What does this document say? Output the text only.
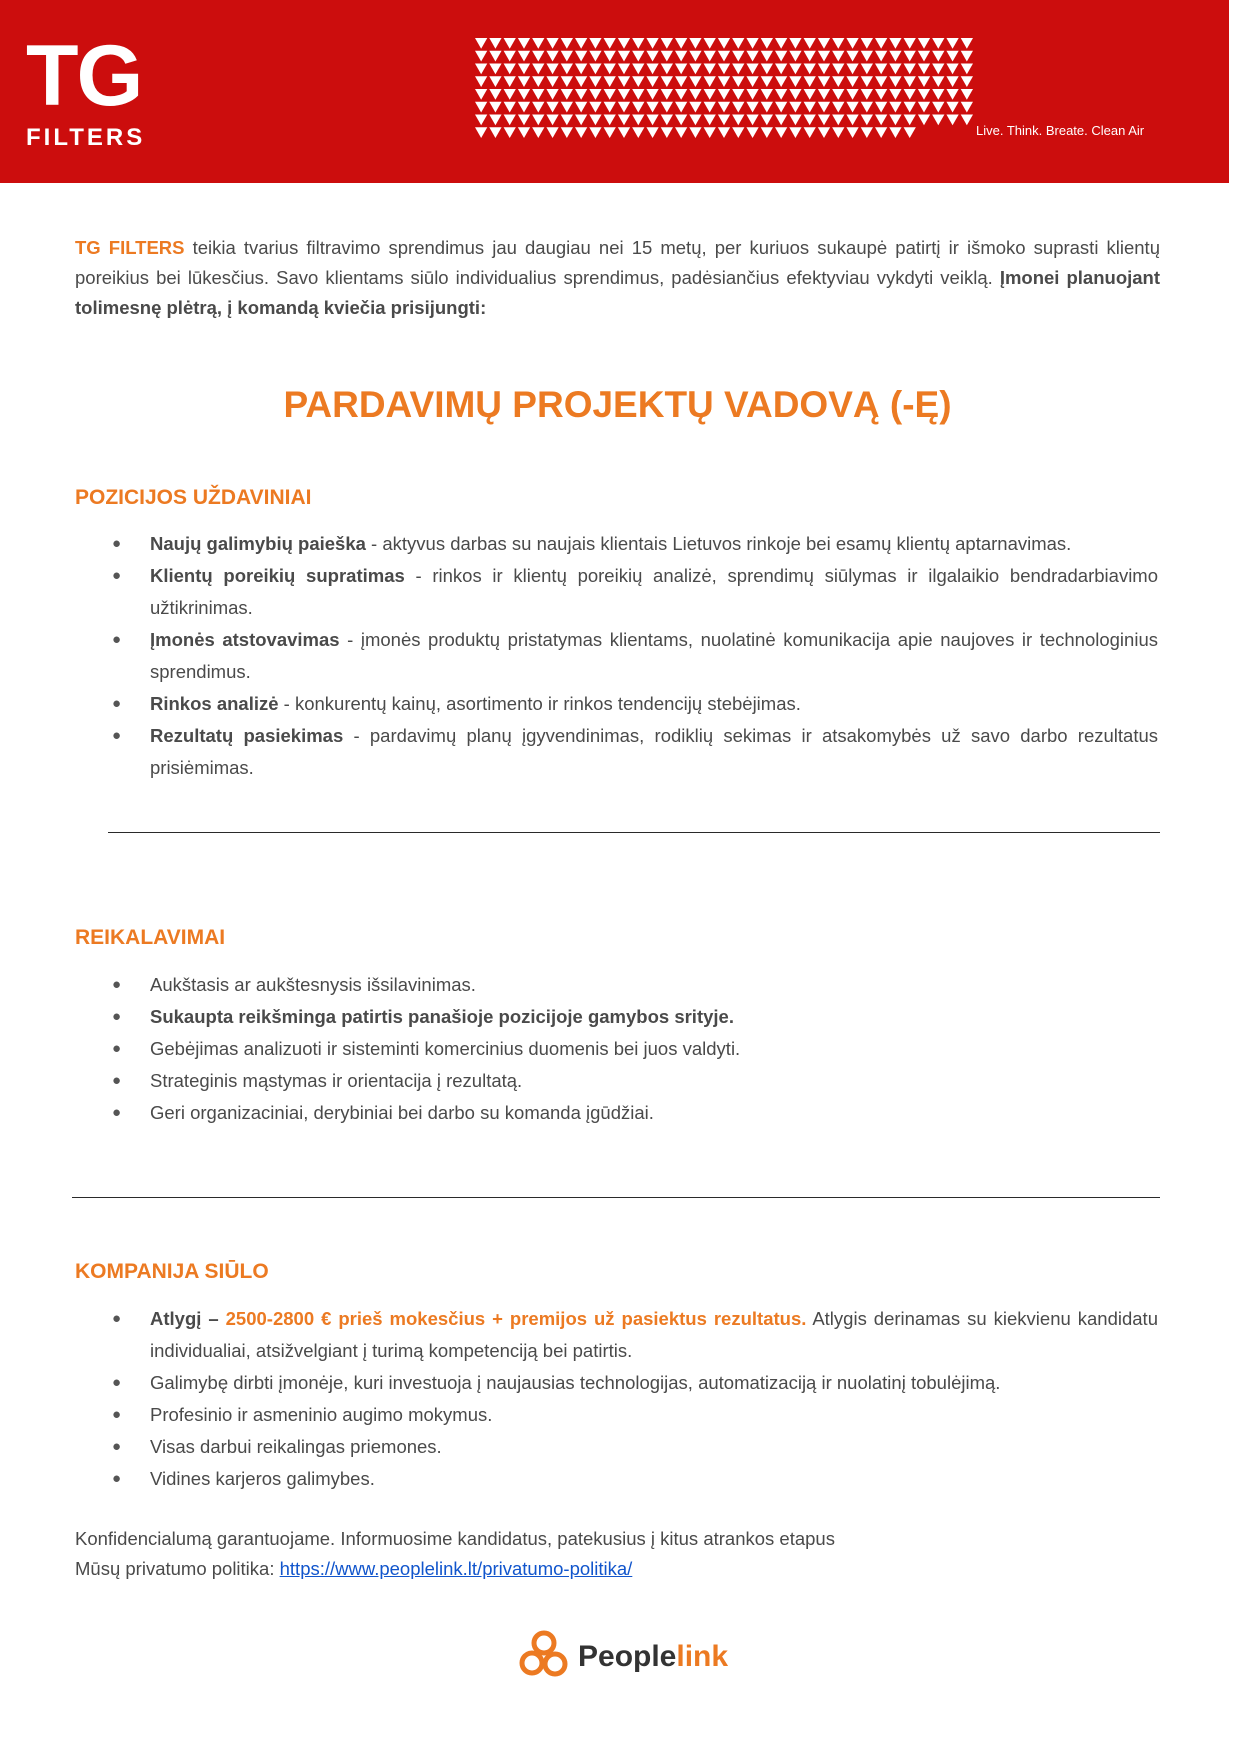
TG
FILTERS	Live. Think. Breate. Clean Air

TG FILTERS teikia tvarius filtravimo sprendimus jau daugiau nei 15 metų, per kuriuos sukaupė patirtį ir išmoko suprasti klientų poreikius bei lūkesčius. Savo klientams siūlo individualius sprendimus, padėsiančius efektyviau vykdyti veiklą. Įmonei planuojant tolimesnę plėtrą, į komandą kviečia prisijungti:

PARDAVIMŲ PROJEKTŲ VADOVĄ (-Ę)
POZICIJOS UŽDAVINIAI
● Naujų galimybių paieška - aktyvus darbas su naujais klientais Lietuvos rinkoje bei esamų klientų aptarnavimas.
● Klientų poreikių supratimas - rinkos ir klientų poreikių analizė, sprendimų siūlymas ir ilgalaikio bendradarbiavimo užtikrinimas.
● Įmonės atstovavimas - įmonės produktų pristatymas klientams, nuolatinė komunikacija apie naujoves ir technologinius sprendimus.
● Rinkos analizė - konkurentų kainų, asortimento ir rinkos tendencijų stebėjimas.
● Rezultatų pasiekimas - pardavimų planų įgyvendinimas, rodiklių sekimas ir atsakomybės už savo darbo rezultatus prisiėmimas.
REIKALAVIMAI
● Aukštasis ar aukštesnysis išsilavinimas.
● Sukaupta reikšminga patirtis panašioje pozicijoje gamybos srityje.
● Gebėjimas analizuoti ir sisteminti komercinius duomenis bei juos valdyti.
● Strateginis mąstymas ir orientacija į rezultatą.
● Geri organizaciniai, derybiniai bei darbo su komanda įgūdžiai.
KOMPANIJA SIŪLO
● Atlygį – 2500-2800 € prieš mokesčius + premijos už pasiektus rezultatus. Atlygis derinamas su kiekvienu kandidatu individualiai, atsižvelgiant į turimą kompetenciją bei patirtis.
● Galimybę dirbti įmonėje, kuri investuoja į naujausias technologijas, automatizaciją ir nuolatinį tobulėjimą.
● Profesinio ir asmeninio augimo mokymus.
● Visas darbui reikalingas priemones.
● Vidines karjeros galimybes.

Konfidencialumą garantuojame. Informuosime kandidatus, patekusius į kitus atrankos etapus
Mūsų privatumo politika: https://www.peoplelink.lt/privatumo-politika/

Peoplelink
